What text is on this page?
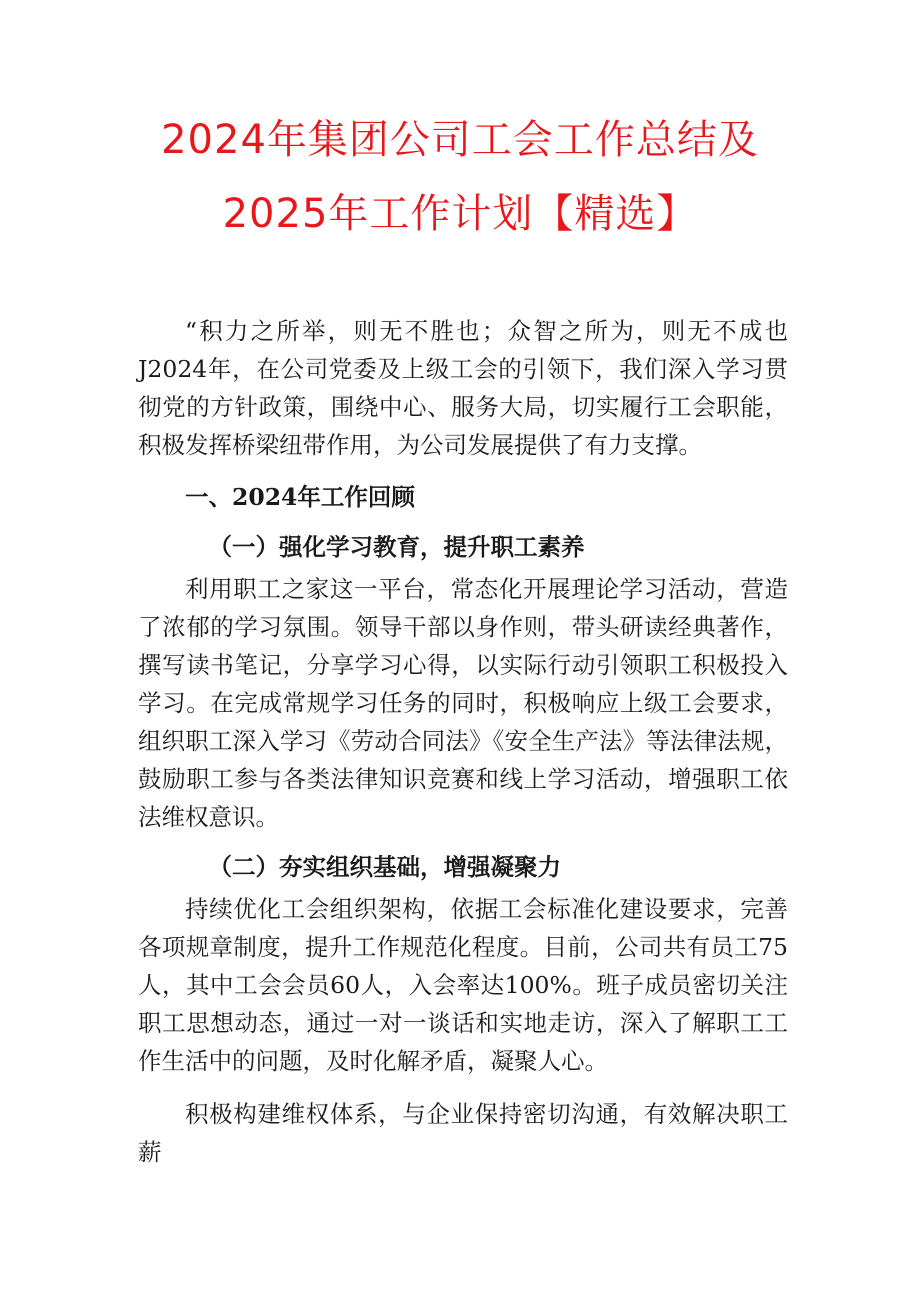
2024年集团公司工会工作总结及
2025年工作计划【精选】

“积力之所举，则无不胜也；众智之所为，则无不成也J2024年，在公司党委及上级工会的引领下，我们深入学习贯彻党的方针政策，围绕中心、服务大局，切实履行工会职能，积极发挥桥梁纽带作用，为公司发展提供了有力支撑。

一、2024年工作回顾
（一）强化学习教育，提升职工素养

利用职工之家这一平台，常态化开展理论学习活动，营造了浓郁的学习氛围。领导干部以身作则，带头研读经典著作，撰写读书笔记，分享学习心得，以实际行动引领职工积极投入学习。在完成常规学习任务的同时，积极响应上级工会要求，组织职工深入学习《劳动合同法》《安全生产法》等法律法规，鼓励职工参与各类法律知识竞赛和线上学习活动，增强职工依法维权意识。

（二）夯实组织基础，增强凝聚力

持续优化工会组织架构，依据工会标准化建设要求，完善各项规章制度，提升工作规范化程度。目前，公司共有员工75人，其中工会会员60人，入会率达100%。班子成员密切关注职工思想动态，通过一对一谈话和实地走访，深入了解职工工作生活中的问题，及时化解矛盾，凝聚人心。

积极构建维权体系，与企业保持密切沟通，有效解决职工薪
